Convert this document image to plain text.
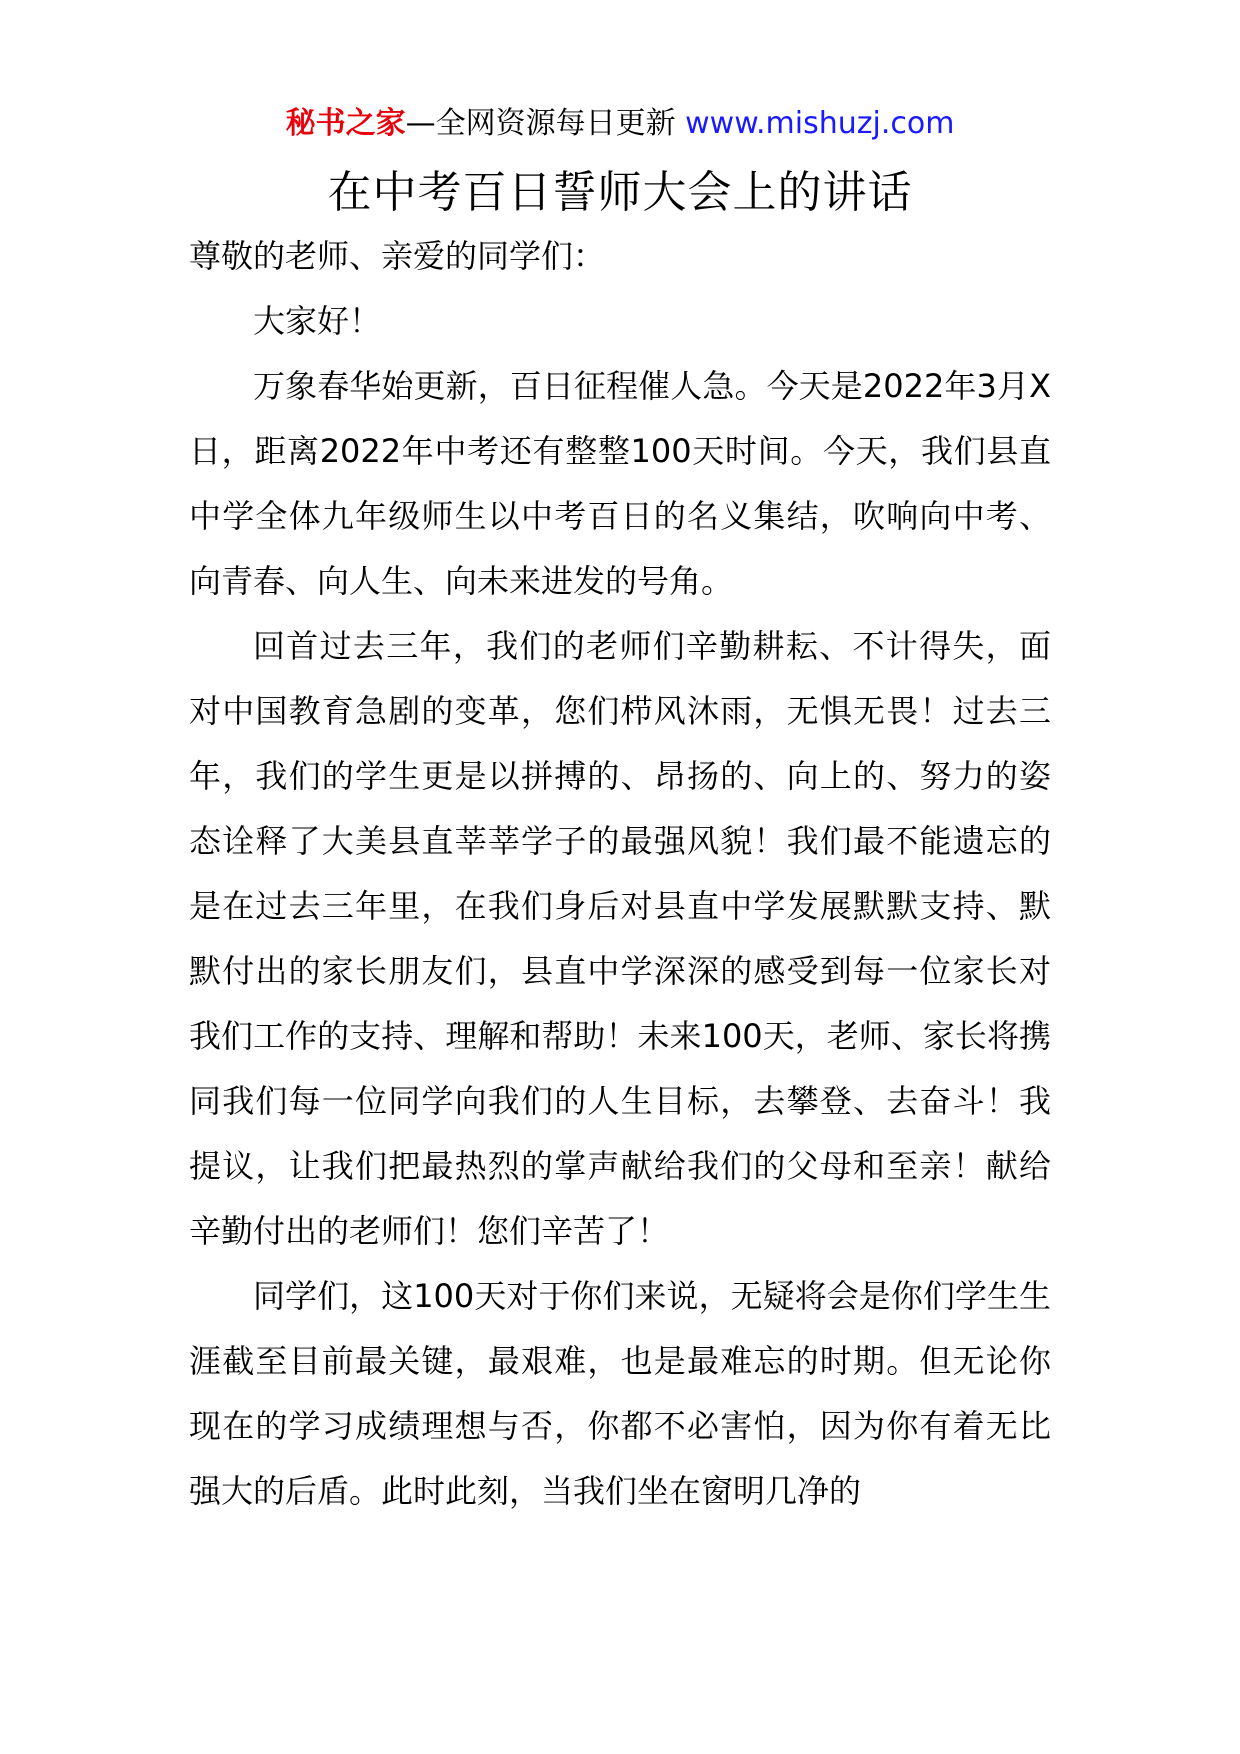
秘书之家—全网资源每日更新 www.mishuzj.com
在中考百日誓师大会上的讲话

尊敬的老师、亲爱的同学们：

大家好！

万象春华始更新，百日征程催人急。今天是2022年3月X日，距离2022年中考还有整整100天时间。今天，我们县直中学全体九年级师生以中考百日的名义集结，吹响向中考、向青春、向人生、向未来进发的号角。

回首过去三年，我们的老师们辛勤耕耘、不计得失，面对中国教育急剧的变革，您们栉风沐雨，无惧无畏！过去三年，我们的学生更是以拼搏的、昂扬的、向上的、努力的姿态诠释了大美县直莘莘学子的最强风貌！我们最不能遗忘的是在过去三年里，在我们身后对县直中学发展默默支持、默默付出的家长朋友们，县直中学深深的感受到每一位家长对我们工作的支持、理解和帮助！未来100天，老师、家长将携同我们每一位同学向我们的人生目标，去攀登、去奋斗！我提议，让我们把最热烈的掌声献给我们的父母和至亲！献给辛勤付出的老师们！您们辛苦了！

同学们，这100天对于你们来说，无疑将会是你们学生生涯截至目前最关键，最艰难，也是最难忘的时期。但无论你现在的学习成绩理想与否，你都不必害怕，因为你有着无比强大的后盾。此时此刻，当我们坐在窗明几净的
